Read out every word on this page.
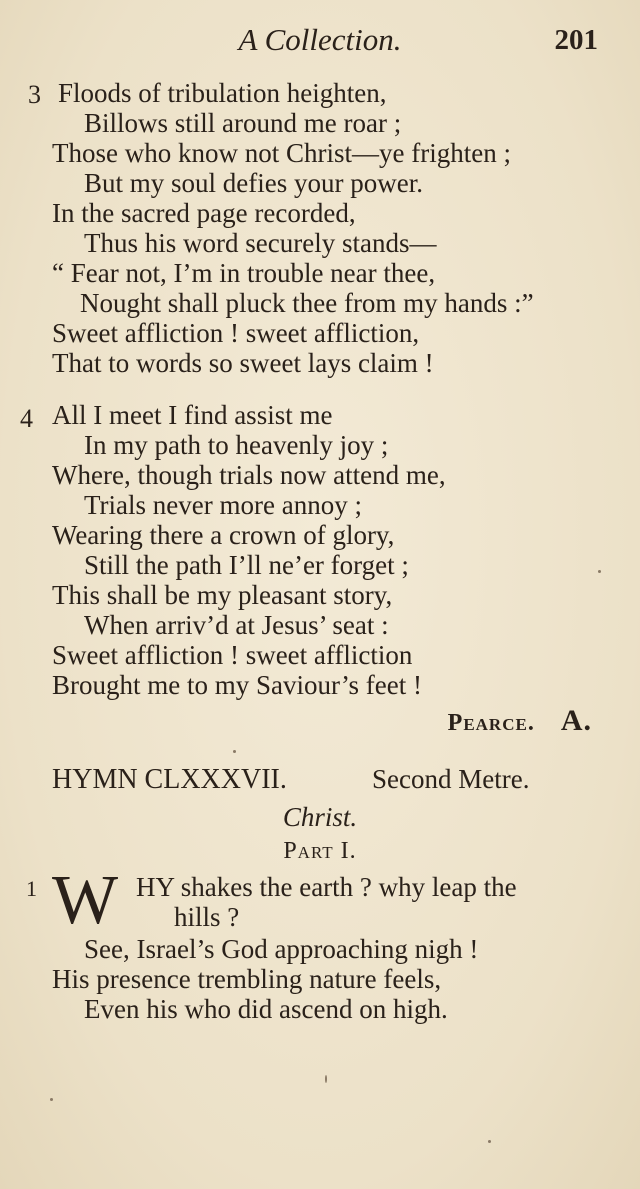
A Collection.	201
3 Floods of tribulation heighten,
Billows still around me roar ;
Those who know not Christ—ye frighten ;
But my soul defies your power.
In the sacred page recorded,
Thus his word securely stands—
“ Fear not, I’m in trouble near thee,
Nought shall pluck thee from my hands :”
Sweet affliction ! sweet affliction,
That to words so sweet lays claim !
4 All I meet I find assist me
In my path to heavenly joy ;
Where, though trials now attend me,
Trials never more annoy ;
Wearing there a crown of glory,
Still the path I’ll ne’er forget ;
This shall be my pleasant story,
When arriv’d at Jesus’ seat :
Sweet affliction ! sweet affliction
Brought me to my Saviour’s feet !
Pearce. A.
HYMN CLXXXVII.	Second Metre.
Christ.
Part I.
1 W HY shakes the earth ? why leap the
hills ?
See, Israel’s God approaching nigh !
His presence trembling nature feels,
Even his who did ascend on high.
